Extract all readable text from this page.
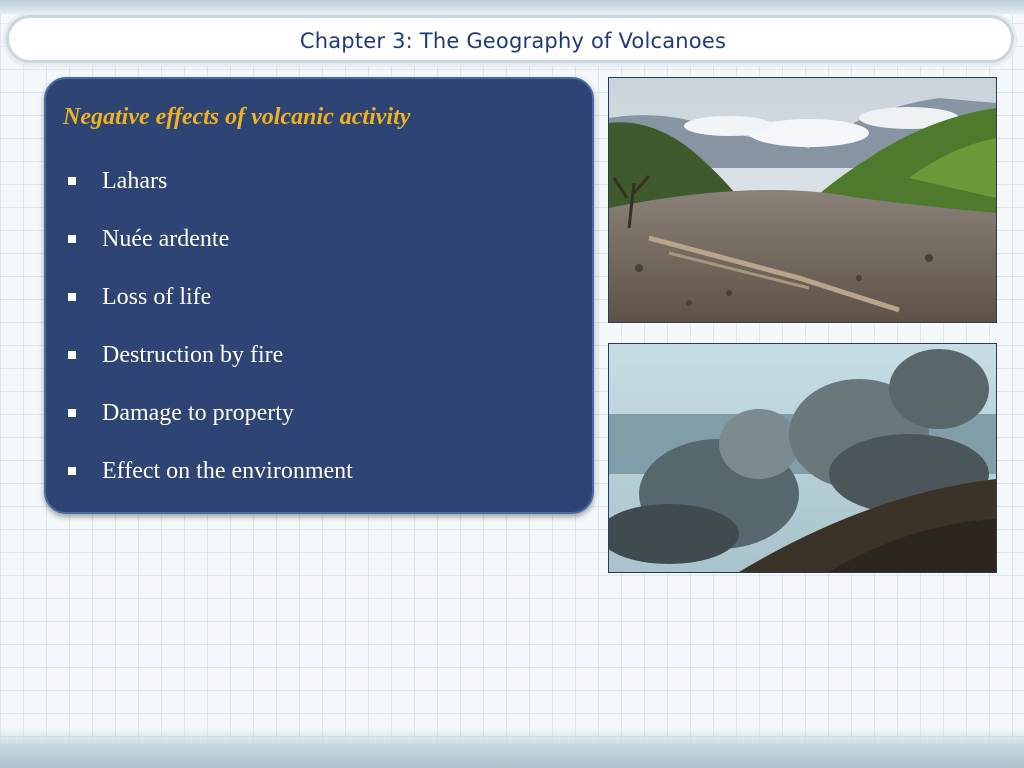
Chapter 3: The Geography of Volcanoes
Negative effects of volcanic activity
Lahars
Nuée ardente
Loss of life
Destruction by fire
Damage to property
Effect on the environment
